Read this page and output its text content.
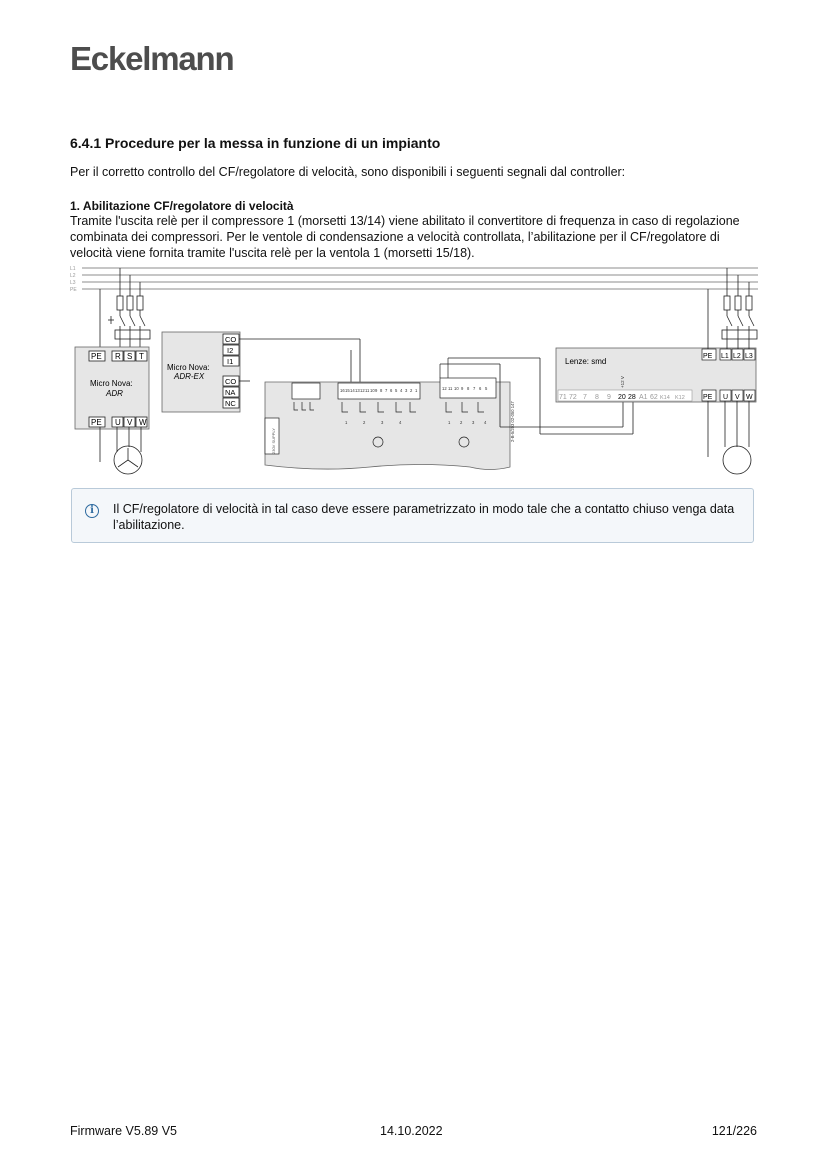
Eckelmann
6.4.1 Procedure per la messa in funzione di un impianto
Per il corretto controllo del CF/regolatore di velocità, sono disponibili i seguenti segnali dal controller:
1. Abilitazione CF/regolatore di velocità
Tramite l'uscita relè per il compressore 1 (morsetti 13/14) viene abilitato il convertitore di frequenza in caso di regolazione combinata dei compressori. Per le ventole di condensazione a velocità controllata, l’abilitazione per il CF/regolatore di velocità viene fornita tramite l'uscita relè per la ventola 1 (morsetti 15/18).
L1
L2
L3
PE
PE R S T
Micro Nova:
ADR
PE U V W
Micro Nova:
ADR-EX
CO
I2
I1
CO
NA
NC
16 15 14 13 12 11 10 9 8 7 6 5 4 3 2 1	12 11 10 9 8 7 6 5
1	2	3	4	1 2 3 4	2-B-5/203 02-050 147
230V SUPPLY
Lenze: smd
+12 V
PE L1 L2 L3
PE U V W
71 72 7 8 9 20 28 A1 62 K14 K12
i	Il CF/regolatore di velocità in tal caso deve essere parametrizzato in modo tale che a contatto chiuso venga data l’abilitazione.
Firmware V5.89 V5	14.10.2022	121/226
